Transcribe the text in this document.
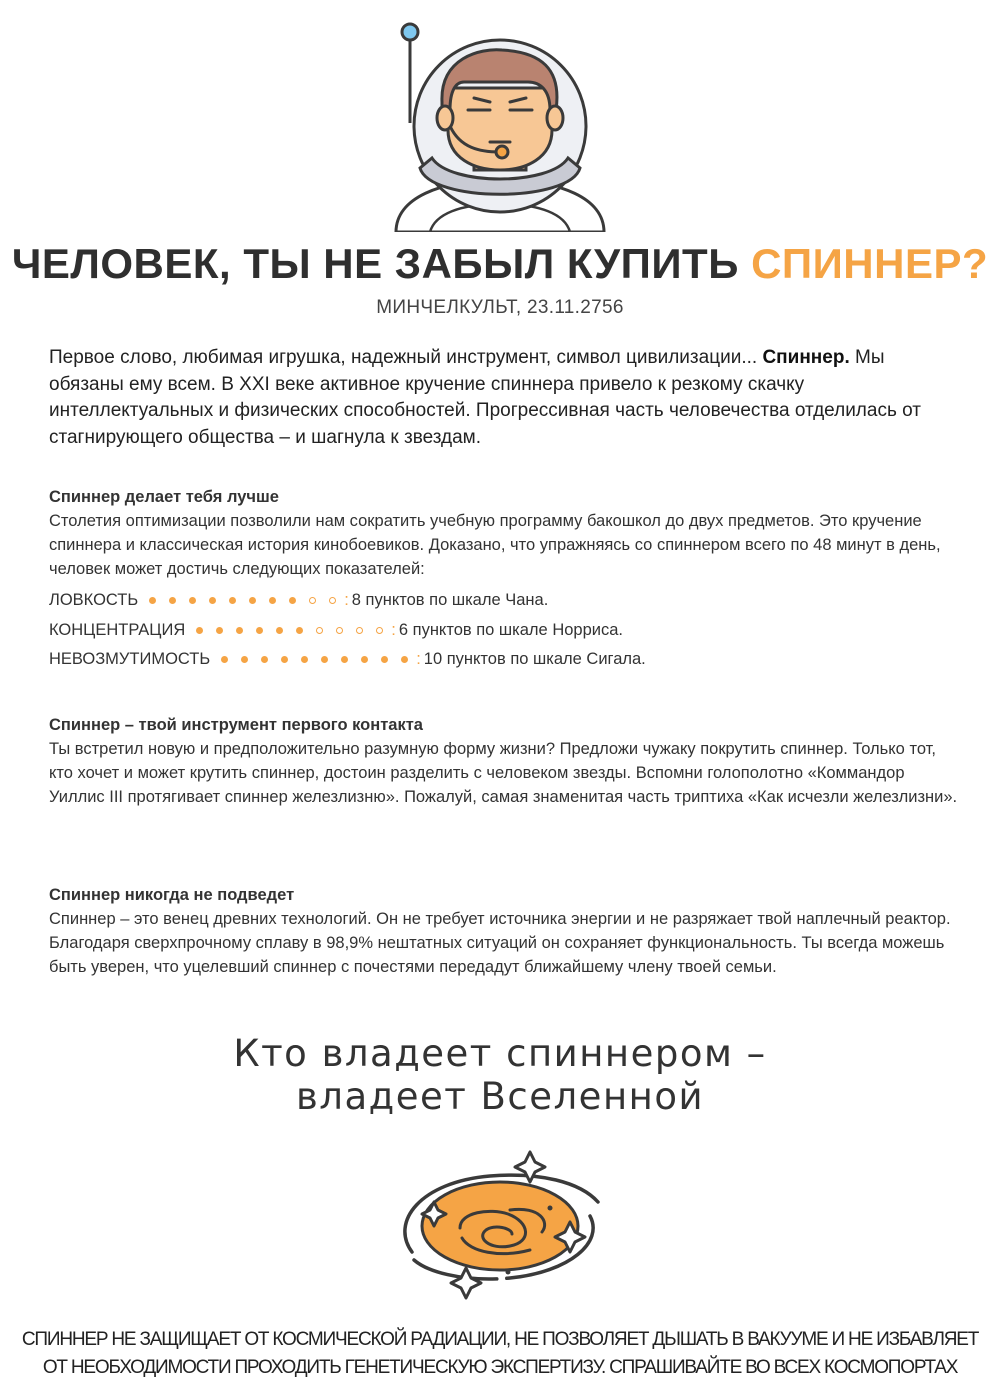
ЧЕЛОВЕК, ТЫ НЕ ЗАБЫЛ КУПИТЬ СПИННЕР?
МИНЧЕЛКУЛЬТ, 23.11.2756
Первое слово, любимая игрушка, надежный инструмент, символ цивилизации... Спиннер. Мы обязаны ему всем. В XXI веке активное кручение спиннера привело к резкому скачку интеллектуальных и физических способностей. Прогрессивная часть человечества отделилась от стагнирующего общества – и шагнула к звездам.
Спиннер делает тебя лучше

Столетия оптимизации позволили нам сократить учебную программу бакошкол до двух предметов. Это кручение спиннера и классическая история кинобоевиков. Доказано, что упражняясь со спиннером всего по 48 минут в день, человек может достичь следующих показателей:

ЛОВКОСТЬ	: 8 пунктов по шкале Чана.
КОНЦЕНТРАЦИЯ	: 6 пунктов по шкале Норриса.
НЕВОЗМУТИМОСТЬ	: 10 пунктов по шкале Сигала.
Спиннер – твой инструмент первого контакта

Ты встретил новую и предположительно разумную форму жизни? Предложи чужаку покрутить спиннер. Только тот, кто хочет и может крутить спиннер, достоин разделить с человеком звезды. Вспомни голополотно «Коммандор Уиллис III протягивает спиннер железлизню». Пожалуй, самая знаменитая часть триптиха «Как исчезли железлизни».

Спиннер никогда не подведет

Спиннер – это венец древних технологий. Он не требует источника энергии и не разряжает твой наплечный реактор. Благодаря сверхпрочному сплаву в 98,9% нештатных ситуаций он сохраняет функциональность. Ты всегда можешь быть уверен, что уцелевший спиннер с почестями передадут ближайшему члену твоей семьи.

Кто владеет спиннером –
владеет Вселенной
СПИННЕР НЕ ЗАЩИЩАЕТ ОТ КОСМИЧЕСКОЙ РАДИАЦИИ, НЕ ПОЗВОЛЯЕТ ДЫШАТЬ В ВАКУУМЕ И НЕ ИЗБАВЛЯЕТ
ОТ НЕОБХОДИМОСТИ ПРОХОДИТЬ ГЕНЕТИЧЕСКУЮ ЭКСПЕРТИЗУ. СПРАШИВАЙТЕ ВО ВСЕХ КОСМОПОРТАХ
